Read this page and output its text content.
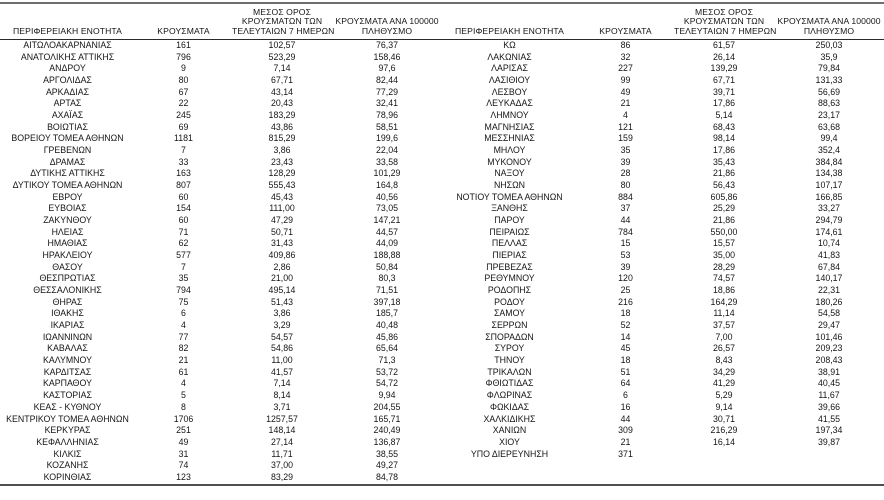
ΠΕΡΙΦΕΡΕΙΑΚΗ ΕΝΟΤΗΤΑ	ΚΡΟΥΣΜΑΤΑ	ΜΕΣΟΣ ΟΡΟΣ
ΚΡΟΥΣΜΑΤΩΝ ΤΩΝ
ΤΕΛΕΥΤΑΙΩΝ 7 ΗΜΕΡΩΝ	ΚΡΟΥΣΜΑΤΑ ΑΝΑ 100000
ΠΛΗΘΥΣΜΟ

ΑΙΤΩΛΟΑΚΑΡΝΑΝΙΑΣ	161	102,57	76,37
ΑΝΑΤΟΛΙΚΗΣ ΑΤΤΙΚΗΣ	796	523,29	158,46
ΑΝΔΡΟΥ	9	7,14	97,6
ΑΡΓΟΛΙΔΑΣ	80	67,71	82,44
ΑΡΚΑΔΙΑΣ	67	43,14	77,29
ΑΡΤΑΣ	22	20,43	32,41
ΑΧΑΪΑΣ	245	183,29	78,96
ΒΟΙΩΤΙΑΣ	69	43,86	58,51
ΒΟΡΕΙΟΥ ΤΟΜΕΑ ΑΘΗΝΩΝ	1181	815,29	199,6
ΓΡΕΒΕΝΩΝ	7	3,86	22,04
ΔΡΑΜΑΣ	33	23,43	33,58
ΔΥΤΙΚΗΣ ΑΤΤΙΚΗΣ	163	128,29	101,29
ΔΥΤΙΚΟΥ ΤΟΜΕΑ ΑΘΗΝΩΝ	807	555,43	164,8
ΕΒΡΟΥ	60	45,43	40,56
ΕΥΒΟΙΑΣ	154	111,00	73,05
ΖΑΚΥΝΘΟΥ	60	47,29	147,21
ΗΛΕΙΑΣ	71	50,71	44,57
ΗΜΑΘΙΑΣ	62	31,43	44,09
ΗΡΑΚΛΕΙΟΥ	577	409,86	188,88
ΘΑΣΟΥ	7	2,86	50,84
ΘΕΣΠΡΩΤΙΑΣ	35	21,00	80,3
ΘΕΣΣΑΛΟΝΙΚΗΣ	794	495,14	71,51
ΘΗΡΑΣ	75	51,43	397,18
ΙΘΑΚΗΣ	6	3,86	185,7
ΙΚΑΡΙΑΣ	4	3,29	40,48
ΙΩΑΝΝΙΝΩΝ	77	54,57	45,86
ΚΑΒΑΛΑΣ	82	54,86	65,64
ΚΑΛΥΜΝΟΥ	21	11,00	71,3
ΚΑΡΔΙΤΣΑΣ	61	41,57	53,72
ΚΑΡΠΑΘΟΥ	4	7,14	54,72
ΚΑΣΤΟΡΙΑΣ	5	8,14	9,94
ΚΕΑΣ - ΚΥΘΝΟΥ	8	3,71	204,55
ΚΕΝΤΡΙΚΟΥ ΤΟΜΕΑ ΑΘΗΝΩΝ	1706	1257,57	165,71
ΚΕΡΚΥΡΑΣ	251	148,14	240,49
ΚΕΦΑΛΛΗΝΙΑΣ	49	27,14	136,87
ΚΙΛΚΙΣ	31	11,71	38,55
ΚΟΖΑΝΗΣ	74	37,00	49,27
ΚΟΡΙΝΘΙΑΣ	123	83,29	84,78
ΠΕΡΙΦΕΡΕΙΑΚΗ ΕΝΟΤΗΤΑ	ΚΡΟΥΣΜΑΤΑ	ΜΕΣΟΣ ΟΡΟΣ
ΚΡΟΥΣΜΑΤΩΝ ΤΩΝ
ΤΕΛΕΥΤΑΙΩΝ 7 ΗΜΕΡΩΝ	ΚΡΟΥΣΜΑΤΑ ΑΝΑ 100000
ΠΛΗΘΥΣΜΟ

ΚΩ	86	61,57	250,03
ΛΑΚΩΝΙΑΣ	32	26,14	35,9
ΛΑΡΙΣΑΣ	227	139,29	79,84
ΛΑΣΙΘΙΟΥ	99	67,71	131,33
ΛΕΣΒΟΥ	49	39,71	56,69
ΛΕΥΚΑΔΑΣ	21	17,86	88,63
ΛΗΜΝΟΥ	4	5,14	23,17
ΜΑΓΝΗΣΙΑΣ	121	68,43	63,68
ΜΕΣΣΗΝΙΑΣ	159	98,14	99,4
ΜΗΛΟΥ	35	17,86	352,4
ΜΥΚΟΝΟΥ	39	35,43	384,84
ΝΑΞΟΥ	28	21,86	134,38
ΝΗΣΩΝ	80	56,43	107,17
ΝΟΤΙΟΥ ΤΟΜΕΑ ΑΘΗΝΩΝ	884	605,86	166,85
ΞΑΝΘΗΣ	37	25,29	33,27
ΠΑΡΟΥ	44	21,86	294,79
ΠΕΙΡΑΙΩΣ	784	550,00	174,61
ΠΕΛΛΑΣ	15	15,57	10,74
ΠΙΕΡΙΑΣ	53	35,00	41,83
ΠΡΕΒΕΖΑΣ	39	28,29	67,84
ΡΕΘΥΜΝΟΥ	120	74,57	140,17
ΡΟΔΟΠΗΣ	25	18,86	22,31
ΡΟΔΟΥ	216	164,29	180,26
ΣΑΜΟΥ	18	11,14	54,58
ΣΕΡΡΩΝ	52	37,57	29,47
ΣΠΟΡΑΔΩΝ	14	7,00	101,46
ΣΥΡΟΥ	45	26,57	209,23
ΤΗΝΟΥ	18	8,43	208,43
ΤΡΙΚΑΛΩΝ	51	34,29	38,91
ΦΘΙΩΤΙΔΑΣ	64	41,29	40,45
ΦΛΩΡΙΝΑΣ	6	5,29	11,67
ΦΩΚΙΔΑΣ	16	9,14	39,66
ΧΑΛΚΙΔΙΚΗΣ	44	30,71	41,55
ΧΑΝΙΩΝ	309	216,29	197,34
ΧΙΟΥ	21	16,14	39,87
ΥΠΟ ΔΙΕΡΕΥΝΗΣΗ	371		
